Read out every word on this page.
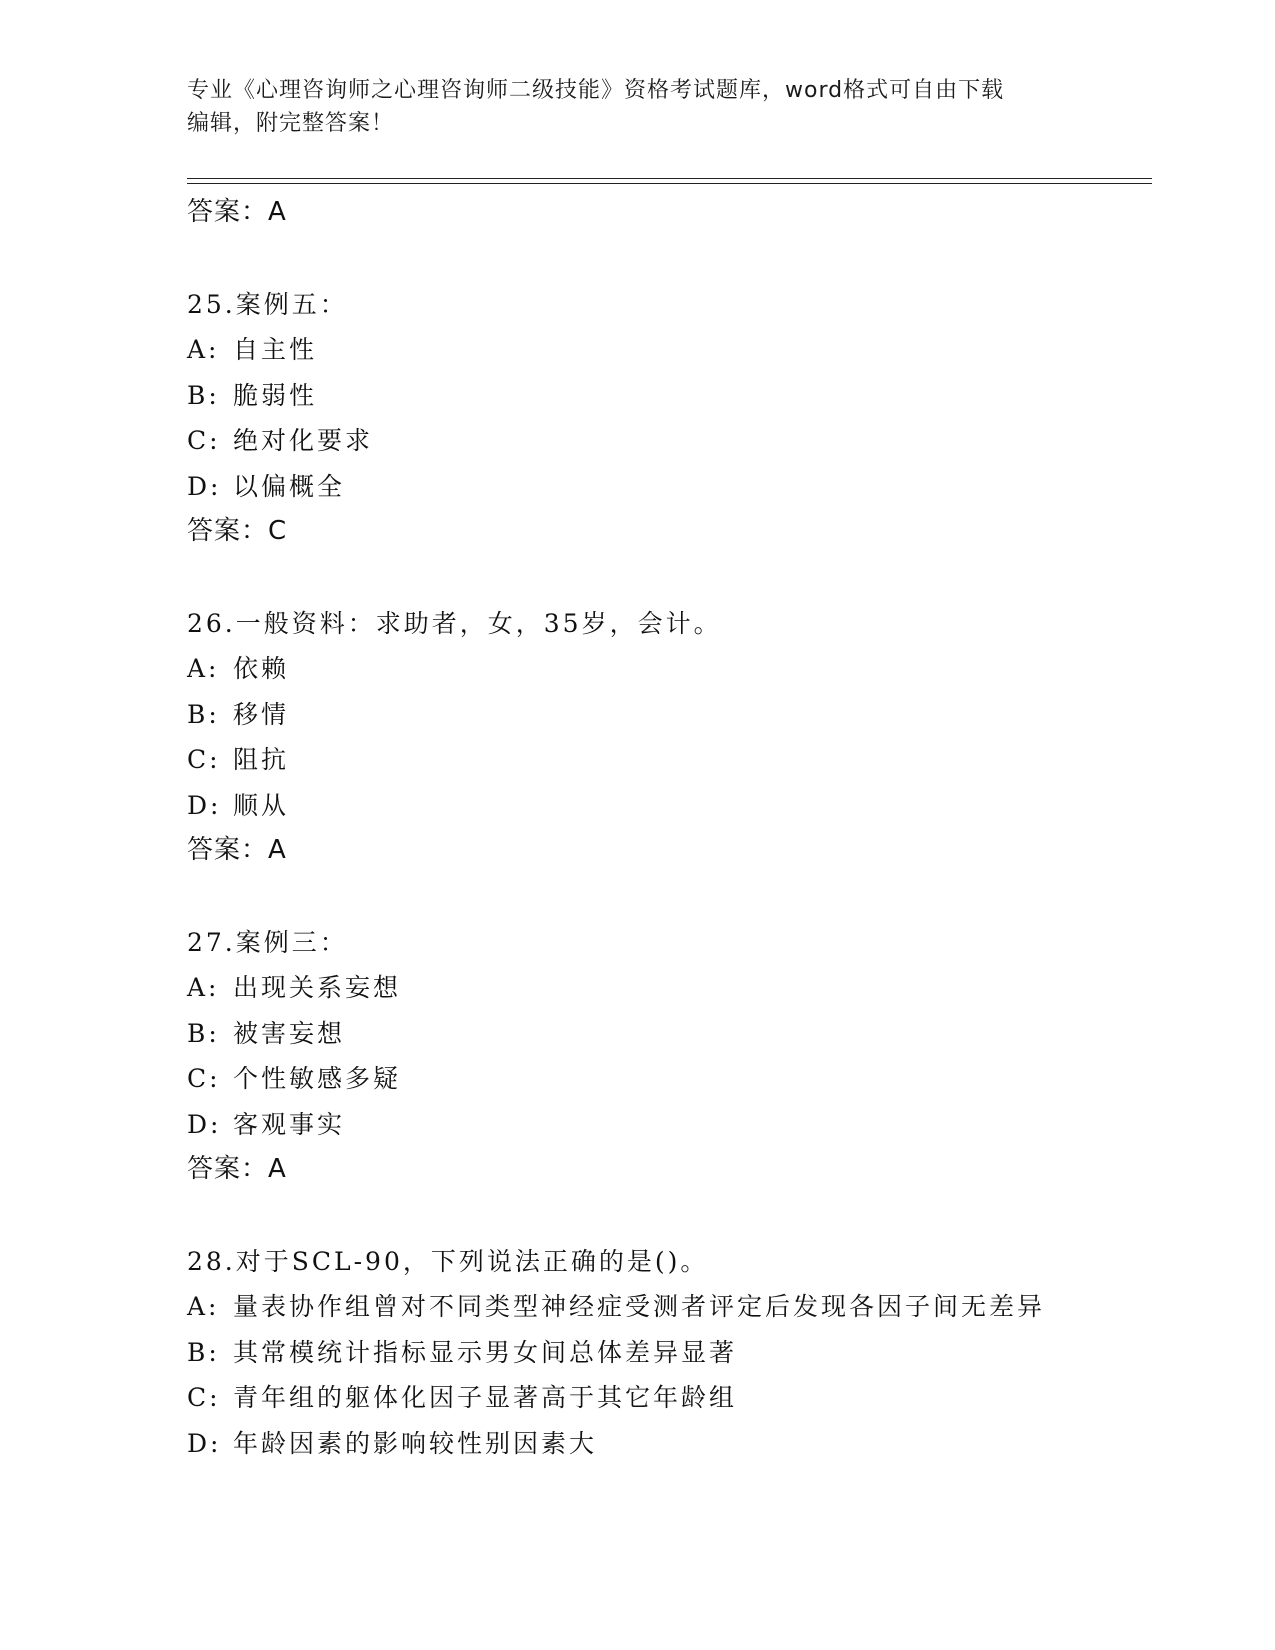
专业《心理咨询师之心理咨询师二级技能》资格考试题库，word格式可自由下载
编辑，附完整答案！
答案：A
25.案例五：
A: 自主性
B: 脆弱性
C: 绝对化要求
D: 以偏概全
答案：C
26.一般资料：求助者，女，35岁，会计。
A: 依赖
B: 移情
C: 阻抗
D: 顺从
答案：A
27.案例三：
A: 出现关系妄想
B: 被害妄想
C: 个性敏感多疑
D: 客观事实
答案：A
28.对于SCL-90，下列说法正确的是()。
A: 量表协作组曾对不同类型神经症受测者评定后发现各因子间无差异
B: 其常模统计指标显示男女间总体差异显著
C: 青年组的躯体化因子显著高于其它年龄组
D: 年龄因素的影响较性别因素大
